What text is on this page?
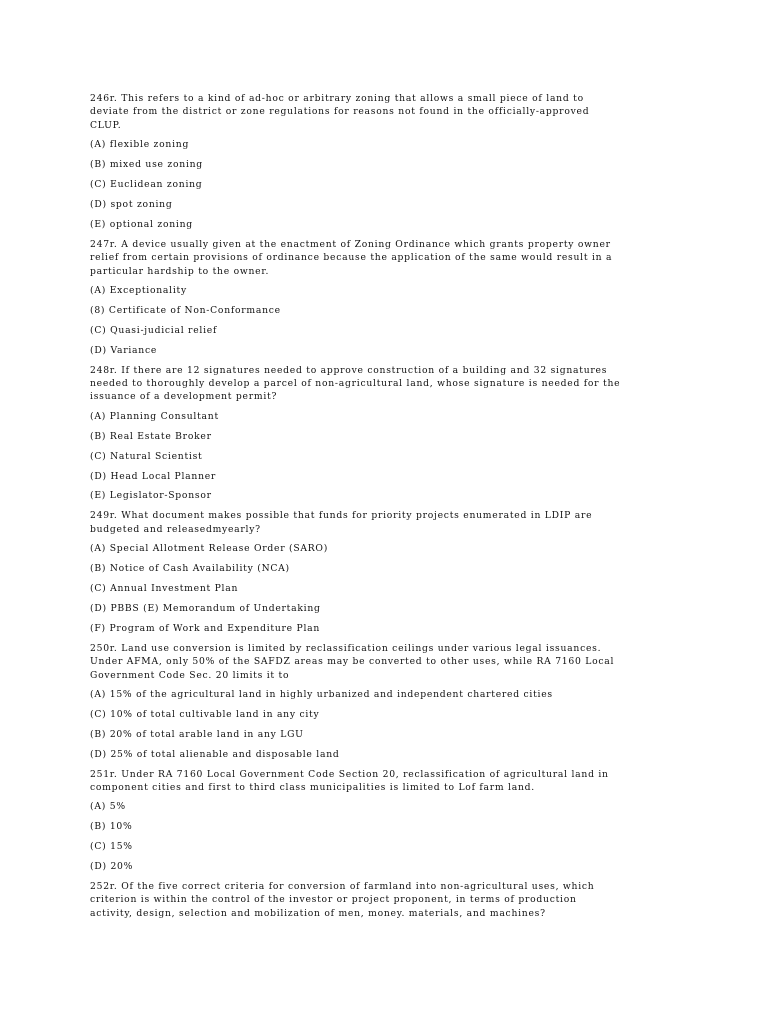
246r. This refers to a kind of ad-hoc or arbitrary zoning that allows a small piece of land to

deviate from the district or zone regulations for reasons not found in the officially-approved

CLUP.

(A) flexible zoning

(B) mixed use zoning

(C) Euclidean zoning

(D) spot zoning

(E) optional zoning

247r. A device usually given at the enactment of Zoning Ordinance which grants property owner

relief from certain provisions of ordinance because the application of the same would result in a

particular hardship to the owner.

(A) Exceptionality

(8) Certificate of Non-Conformance

(C) Quasi-judicial relief

(D) Variance

248r. If there are 12 signatures needed to approve construction of a building and 32 signatures

needed to thoroughly develop a parcel of non-agricultural land, whose signature is needed for the

issuance of a development permit?

(A) Planning Consultant

(B) Real Estate Broker

(C) Natural Scientist

(D) Head Local Planner

(E) Legislator-Sponsor

249r. What document makes possible that funds for priority projects enumerated in LDIP are

budgeted and releasedmyearly?

(A) Special Allotment Release Order (SARO)

(B) Notice of Cash Availability (NCA)

(C) Annual Investment Plan

(D) PBBS (E) Memorandum of Undertaking

(F) Program of Work and Expenditure Plan

250r. Land use conversion is limited by reclassification ceilings under various legal issuances.

Under AFMA, only 50% of the SAFDZ areas may be converted to other uses, while RA 7160 Local

Government Code Sec. 20 limits it to

(A) 15% of the agricultural land in highly urbanized and independent chartered cities

(C) 10% of total cultivable land in any city

(B) 20% of total arable land in any LGU

(D) 25% of total alienable and disposable land

251r. Under RA 7160 Local Government Code Section 20, reclassification of agricultural land in

component cities and first to third class municipalities is limited to Lof farm land.

(A) 5%

(B) 10%

(C) 15%

(D) 20%

252r. Of the five correct criteria for conversion of farmland into non-agricultural uses, which

criterion is within the control of the investor or project proponent, in terms of production

activity, design, selection and mobilization of men, money. materials, and machines?
